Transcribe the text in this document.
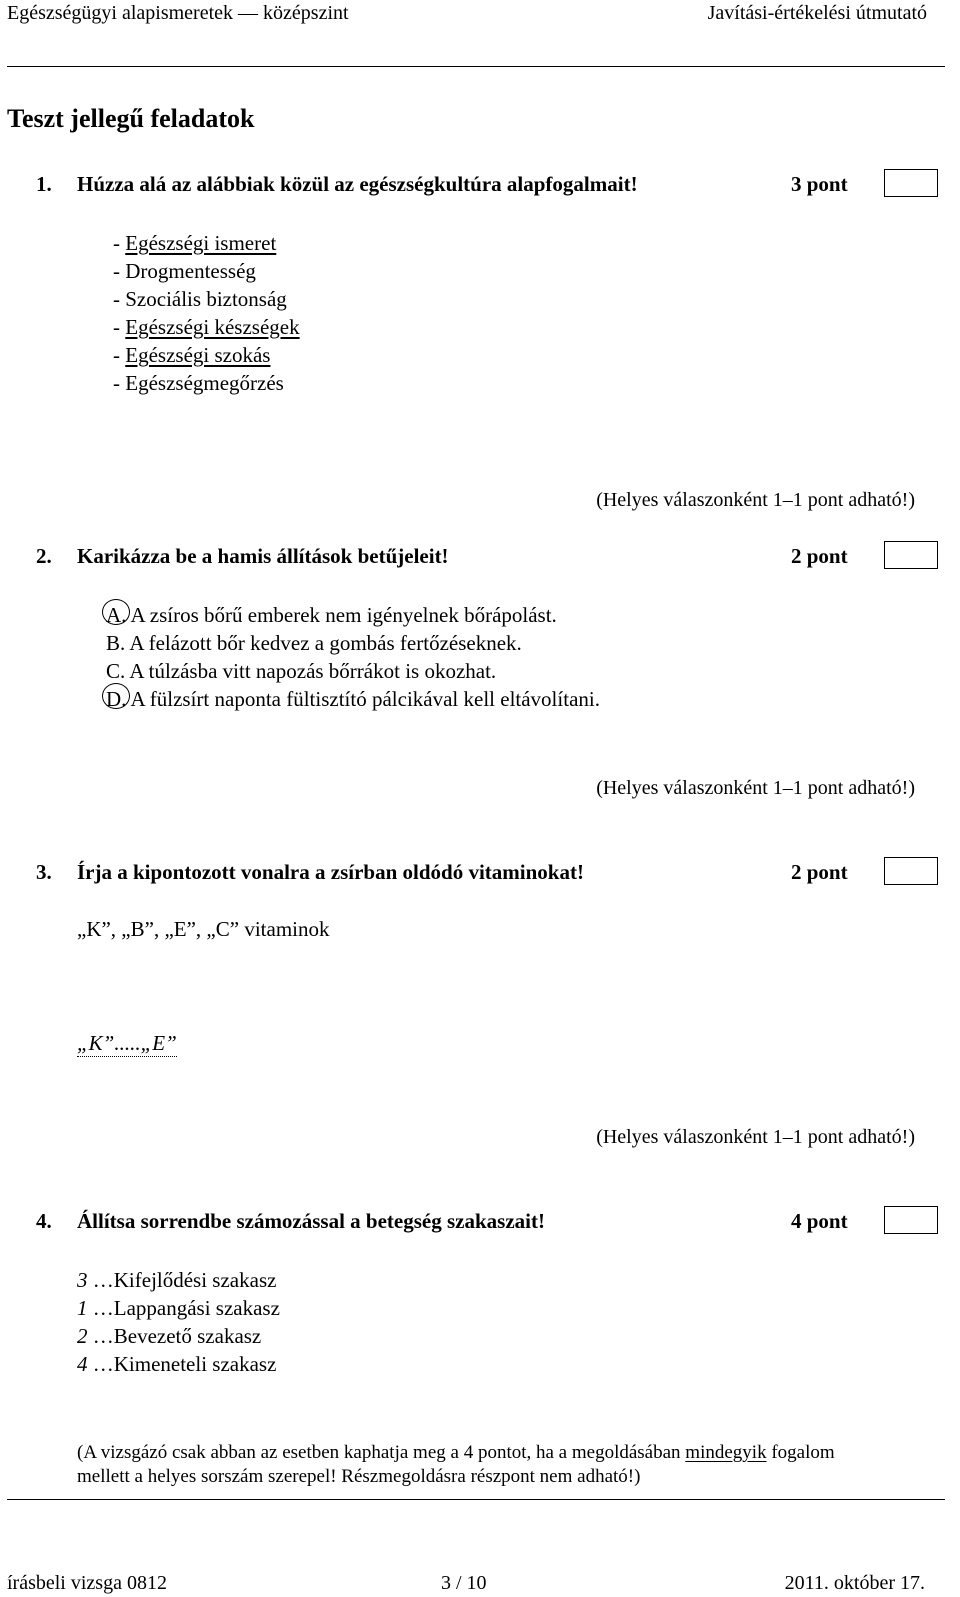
Egészségügyi alapismeretek — középszint	Javítási-értékelési útmutató
Teszt jellegű feladatok
1. Húzza alá az alábbiak közül az egészségkultúra alapfogalmait!	3 pont
- Egészségi ismeret
- Drogmentesség
- Szociális biztonság
- Egészségi készségek
- Egészségi szokás
- Egészségmegőrzés
(Helyes válaszonként 1–1 pont adható!)
2. Karikázza be a hamis állítások betűjeleit!	2 pont
A. A zsíros bőrű emberek nem igényelnek bőrápolást.
B. A felázott bőr kedvez a gombás fertőzéseknek.
C. A túlzásba vitt napozás bőrrákot is okozhat.
D. A fülzsírt naponta fültisztító pálcikával kell eltávolítani.
(Helyes válaszonként 1–1 pont adható!)
3. Írja a kipontozott vonalra a zsírban oldódó vitaminokat!	2 pont
„K”, „B”, „E”, „C” vitaminok
„K”.....„E”
(Helyes válaszonként 1–1 pont adható!)
4. Állítsa sorrendbe számozással a betegség szakaszait!	4 pont
3 …Kifejlődési szakasz
1 …Lappangási szakasz
2 …Bevezető szakasz
4 …Kimeneteli szakasz
(A vizsgázó csak abban az esetben kaphatja meg a 4 pontot, ha a megoldásában mindegyik fogalom
mellett a helyes sorszám szerepel! Részmegoldásra részpont nem adható!)
írásbeli vizsga 0812	3 / 10	2011. október 17.
